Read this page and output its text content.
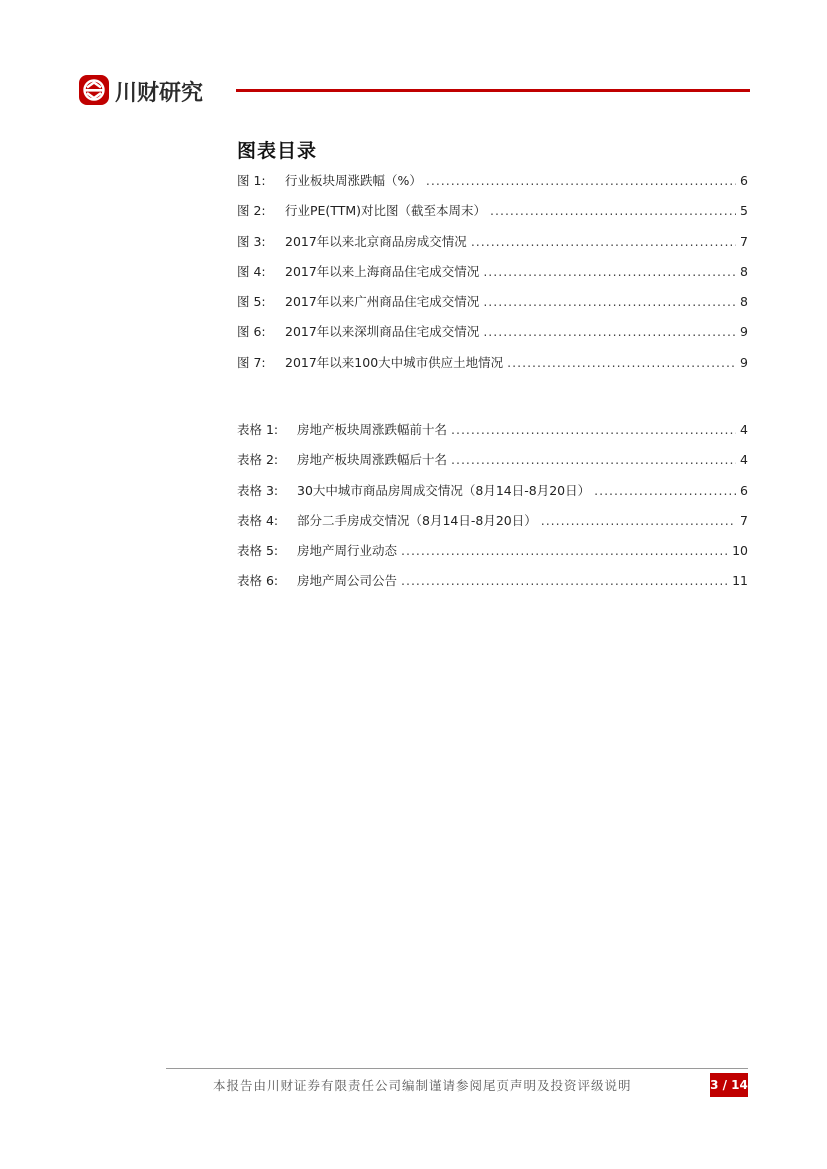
川财研究
图表目录
图 1:	行业板块周涨跌幅（%） .....	6
图 2:	行业PE(TTM)对比图（截至本周末） .....	5
图 3:	2017年以来北京商品房成交情况 .....	7
图 4:	2017年以来上海商品住宅成交情况 .....	8
图 5:	2017年以来广州商品住宅成交情况 .....	8
图 6:	2017年以来深圳商品住宅成交情况 .....	9
图 7:	2017年以来100大中城市供应土地情况 .....	9
表格 1:	房地产板块周涨跌幅前十名 .....	4
表格 2:	房地产板块周涨跌幅后十名 .....	4
表格 3:	30大中城市商品房周成交情况（8月14日-8月20日） .....	6
表格 4:	部分二手房成交情况（8月14日-8月20日） .....	7
表格 5:	房地产周行业动态 .....	10
表格 6:	房地产周公司公告 .....	11
本报告由川财证券有限责任公司编制谨请参阅尾页声明及投资评级说明	3 / 14
